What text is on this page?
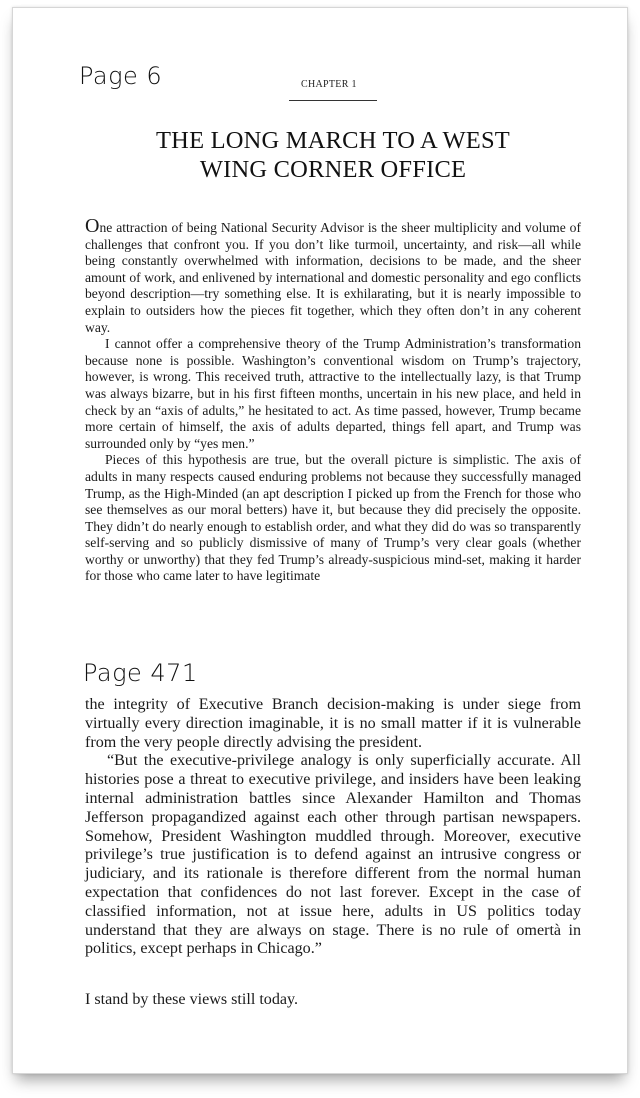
Page 6	CHAPTER 1
THE LONG MARCH TO A WEST
WING CORNER OFFICE

One attraction of being National Security Advisor is the sheer multiplicity and volume of challenges that confront you. If you don’t like turmoil, uncertainty, and risk—all while being constantly overwhelmed with information, decisions to be made, and the sheer amount of work, and enlivened by international and domestic personality and ego conflicts beyond description—try something else. It is exhilarating, but it is nearly impossible to explain to outsiders how the pieces fit together, which they often don’t in any coherent way.

I cannot offer a comprehensive theory of the Trump Administration’s transformation because none is possible. Washington’s conventional wisdom on Trump’s trajectory, however, is wrong. This received truth, attractive to the intellectually lazy, is that Trump was always bizarre, but in his first fifteen months, uncertain in his new place, and held in check by an “axis of adults,” he hesitated to act. As time passed, however, Trump became more certain of himself, the axis of adults departed, things fell apart, and Trump was surrounded only by “yes men.”

Pieces of this hypothesis are true, but the overall picture is simplistic. The axis of adults in many respects caused enduring problems not because they successfully managed Trump, as the High-Minded (an apt description I picked up from the French for those who see themselves as our moral betters) have it, but because they did precisely the opposite. They didn’t do nearly enough to establish order, and what they did do was so transparently self-serving and so publicly dismissive of many of Trump’s very clear goals (whether worthy or unworthy) that they fed Trump’s already-suspicious mind-set, making it harder for those who came later to have legitimate

Page 471

the integrity of Executive Branch decision-making is under siege from virtually every direction imaginable, it is no small matter if it is vulnerable from the very people directly advising the president.

“But the executive-privilege analogy is only superficially accurate. All histories pose a threat to executive privilege, and insiders have been leaking internal administration battles since Alexander Hamilton and Thomas Jefferson propagandized against each other through partisan newspapers. Somehow, President Washington muddled through. Moreover, executive privilege’s true justification is to defend against an intrusive congress or judiciary, and its rationale is therefore different from the normal human expectation that confidences do not last forever. Except in the case of classified information, not at issue here, adults in US politics today understand that they are always on stage. There is no rule of omertà in politics, except perhaps in Chicago.”

I stand by these views still today.
